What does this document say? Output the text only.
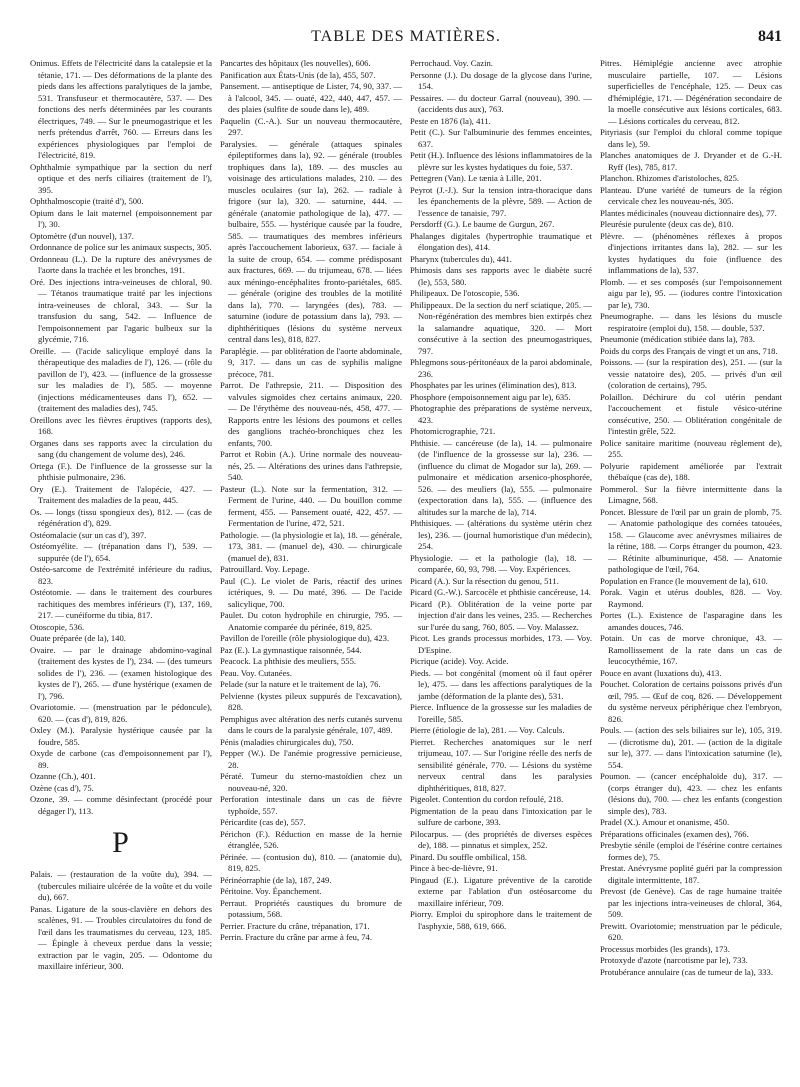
TABLE DES MATIÈRES.	841

Onimus. Effets de l'électricité dans la catalepsie et la tétanie, 171. — Des déformations de la plante des pieds dans les affections paralytiques de la jambe, 531. Transfuseur et thermocautère, 537. — Des fonctions des nerfs déterminées par les courants électriques, 749. — Sur le pneumogastrique et les nerfs prétendus d'arrêt, 760. — Erreurs dans les expériences physiologiques par l'emploi de l'électricité, 819.

Ophthalmie sympathique par la section du nerf optique et des nerfs ciliaires (traitement de l'), 395.

Ophthalmoscopie (traité d'), 500.

Opium dans le lait maternel (empoisonnement par l'), 30.

Optomètre (d'un nouvel), 137.

Ordonnance de police sur les animaux suspects, 305.

Ordonneau (L.). De la rupture des anévrysmes de l'aorte dans la trachée et les bronches, 191.

Oré. Des injections intra-veineuses de chloral, 90. — Tétanos traumatique traité par les injections intra-veineuses de chloral, 343. — Sur la transfusion du sang, 542. — Influence de l'empoisonnement par l'agaric bulbeux sur la glycémie, 716.

Oreille. — (l'acide salicylique employé dans la thérapeutique des maladies de l'), 126. — (rôle du pavillon de l'), 423. — (influence de la grossesse sur les maladies de l'), 585. — moyenne (injections médicamenteuses dans l'), 652. — (traitement des maladies des), 745.

Oreillons avec les fièvres éruptives (rapports des), 168.

Organes dans ses rapports avec la circulation du sang (du changement de volume des), 246.

Ortega (F.). De l'influence de la grossesse sur la phthisie pulmonaire, 236.

Ory (E.). Traitement de l'alopécie, 427. — Traitement des maladies de la peau, 445.

Os. — longs (tissu spongieux des), 812. — (cas de régénération d'), 829.

Ostéomalacie (sur un cas d'), 397.

Ostéomyélite. — (trépanation dans l'), 539. — suppurée (de l'), 654.

Ostéo-sarcome de l'extrémité inférieure du radius, 823.

Ostéotomie. — dans le traitement des courbures rachitiques des membres inférieurs (l'), 137, 169, 217. — cunéiforme du tibia, 817.

Otoscopie, 536.

Ouate préparée (de la), 140.

Ovaire. — par le drainage abdomino-vaginal (traitement des kystes de l'), 234. — (des tumeurs solides de l'), 236. — (examen histologique des kystes de l'), 265. — d'une hystérique (examen de l'), 796.

Ovariotomie. — (menstruation par le pédoncule), 620. — (cas d'), 819, 826.

Oxley (M.). Paralysie hystérique causée par la foudre, 585.

Oxyde de carbone (cas d'empoisonnement par l'), 89.

Ozanne (Ch.), 401.

Ozène (cas d'), 75.

Ozone, 39. — comme désinfectant (procédé pour dégager l'), 113.

P

Palais. — (restauration de la voûte du), 394. — (tubercules miliaire ulcérée de la voûte et du voile du), 667.

Panas. Ligature de la sous-clavière en dehors des scalènes, 91. — Troubles circulatoires du fond de l'œil dans les traumatismes du cerveau, 123, 185. — Épingle à cheveux perdue dans la vessie; extraction par le vagin, 205. — Odontome du maxillaire inférieur, 300.

Pancartes des hôpitaux (les nouvelles), 606.

Panification aux États-Unis (de la), 455, 507.

Pansement. — antiseptique de Lister, 74, 90, 337. — à l'alcool, 345. — ouaté, 422, 440, 447, 457. — des plaies (sulfite de soude dans le), 489.

Paquelin (C.-A.). Sur un nouveau thermocautère, 297.

Paralysies. — générale (attaques spinales épileptiformes dans la), 92. — générale (troubles trophiques dans la), 189. — des muscles au voisinage des articulations malades, 210. — des muscles oculaires (sur la), 262. — radiale à frigore (sur la), 320. — saturnine, 444. — générale (anatomie pathologique de la), 477. — bulbaire, 555. — hystérique causée par la foudre, 585. — traumatiques des membres inférieurs après l'accouchement laborieux, 637. — faciale à la suite de croup, 654. — comme prédisposant aux fractures, 669. — du trijumeau, 678. — liées aux méningo-encéphalites fronto-pariétales, 685. — générale (origine des troubles de la motilité dans la), 770. — laryngées (des), 783. — saturnine (iodure de potassium dans la), 793. — diphthéritiques (lésions du système nerveux central dans les), 818, 827.

Paraplégie. — par oblitération de l'aorte abdominale, 9, 317. — dans un cas de syphilis maligne précoce, 781.

Parrot. De l'athrepsie, 211. — Disposition des valvules sigmoïdes chez certains animaux, 220. — De l'érythème des nouveau-nés, 458, 477. — Rapports entre les lésions des poumons et celles des ganglions trachéo-bronchiques chez les enfants, 700.

Parrot et Robin (A.). Urine normale des nouveau-nés, 25. — Altérations des urines dans l'athrepsie, 540.

Pasteur (L.). Note sur la fermentation, 312. — Ferment de l'urine, 440. — Du bouillon comme ferment, 455. — Pansement ouaté, 422, 457. — Fermentation de l'urine, 472, 521.

Pathologie. — (la physiologie et la), 18. — générale, 173, 381. — (manuel de), 430. — chirurgicale (manuel de), 831.

Patrouillard. Voy. Lepage.

Paul (C.). Le violet de Paris, réactif des urines ictériques, 9. — Du maté, 396. — De l'acide salicylique, 700.

Paulet. Du coton hydrophile en chirurgie, 795. — Anatomie comparée du périnée, 819, 825.

Pavillon de l'oreille (rôle physiologique du), 423.

Paz (E.). La gymnastique raisonnée, 544.

Peacock. La phthisie des meuliers, 555.

Peau. Voy. Cutanées.

Pelade (sur la nature et le traitement de la), 76.

Pelvienne (kystes pileux suppurés de l'excavation), 828.

Pemphigus avec altération des nerfs cutanés survenu dans le cours de la paralysie générale, 107, 489.

Pénis (maladies chirurgicales du), 750.

Pepper (W.). De l'anémie progressive pernicieuse, 28.

Pératé. Tumeur du sterno-mastoïdien chez un nouveau-né, 320.

Perforation intestinale dans un cas de fièvre typhoïde, 557.

Péricardite (cas de), 557.

Périchon (F.). Réduction en masse de la hernie étranglée, 526.

Périnée. — (contusion du), 810. — (anatomie du), 819, 825.

Périnéorraphie (de la), 187, 249.

Péritoine. Voy. Épanchement.

Perraut. Propriétés caustiques du bromure de potassium, 568.

Perrier. Fracture du crâne, trépanation, 171.

Perrin. Fracture du crâne par arme à feu, 74.

Perrochaud. Voy. Cazin.

Personne (J.). Du dosage de la glycose dans l'urine, 154.

Pessaires. — du docteur Garral (nouveau), 390. — (accidents dus aux), 763.

Peste en 1876 (la), 411.

Petit (C.). Sur l'albuminurie des femmes enceintes, 637.

Petit (H.). Influence des lésions inflammatoires de la plèvre sur les kystes hydatiques du foie, 537.

Pettegren (Van). Le tænia à Lille, 201.

Peyrot (J.-J.). Sur la tension intra-thoracique dans les épanchements de la plèvre, 589. — Action de l'essence de tanaisie, 797.

Persdorff (G.). Le baume de Gurgun, 267.

Phalanges digitales (hypertrophie traumatique et élongation des), 414.

Pharynx (tubercules du), 441.

Phimosis dans ses rapports avec le diabète sucré (le), 553, 580.

Philipeaux. De l'otoscopie, 536.

Philippeaux. De la section du nerf sciatique, 205. — Non-régénération des membres bien extirpés chez la salamandre aquatique, 320. — Mort consécutive à la section des pneumogastriques, 797.

Phlegmons sous-péritonéaux de la paroi abdominale, 236.

Phosphates par les urines (élimination des), 813.

Phosphore (empoisonnement aigu par le), 635.

Photographie des préparations de système nerveux, 423.

Photomicrographie, 721.

Phthisie. — cancéreuse (de la), 14. — pulmonaire (de l'influence de la grossesse sur la), 236. — (influence du climat de Mogador sur la), 269. — pulmonaire et médication arsenico-phosphorée, 526. — des meuliers (la), 555. — pulmonaire (expectoration dans la), 555. — (influence des altitudes sur la marche de la), 714.

Phthisiques. — (altérations du système utérin chez les), 236. — (journal humoristique d'un médecin), 254.

Physiologie. — et la pathologie (la), 18. — comparée, 60, 93, 798. — Voy. Expériences.

Picard (A.). Sur la résection du genou, 511.

Picard (G.-W.). Sarcocèle et phthisie cancéreuse, 14.

Picard (P.). Oblitération de la veine porte par injection d'air dans les veines, 235. — Recherches sur l'urée du sang, 760, 805. — Voy. Malassez.

Picot. Les grands processus morbides, 173. — Voy. D'Espine.

Picrique (acide). Voy. Acide.

Pieds. — bot congénital (moment où il faut opérer le), 475. — dans les affections paralytiques de la jambe (déformation de la plante des), 531.

Pierce. Influence de la grossesse sur les maladies de l'oreille, 585.

Pierre (étiologie de la), 281. — Voy. Calculs.

Pierret. Recherches anatomiques sur le nerf trijumeau, 107. — Sur l'origine réelle des nerfs de sensibilité générale, 770. — Lésions du système nerveux central dans les paralysies diphthéritiques, 818, 827.

Pigeolet. Contention du cordon refoulé, 218.

Pigmentation de la peau dans l'intoxication par le sulfure de carbone, 393.

Pilocarpus. — (des propriétés de diverses espèces de), 188. — pinnatus et simplex, 252.

Pinard. Du souffle ombilical, 158.

Pince à bec-de-lièvre, 91.

Pingaud (E.). Ligature préventive de la carotide externe par l'ablation d'un ostéosarcome du maxillaire inférieur, 709.

Piorry. Emploi du spirophore dans le traitement de l'asphyxie, 588, 619, 666.

Pitres. Hémiplégie ancienne avec atrophie musculaire partielle, 107. — Lésions superficielles de l'encéphale, 125. — Deux cas d'hémiplégie, 171. — Dégénération secondaire de la moelle consécutive aux lésions corticales, 683. — Lésions corticales du cerveau, 812.

Pityriasis (sur l'emploi du chloral comme topique dans le), 59.

Planches anatomiques de J. Dryander et de G.-H. Ryff (les), 785, 817.

Planchon. Rhizomes d'aristoloches, 825.

Planteau. D'une variété de tumeurs de la région cervicale chez les nouveau-nés, 305.

Plantes médicinales (nouveau dictionnaire des), 77.

Pleurésie purulente (deux cas de), 810.

Plèvre. — (phénomènes réflexes à propos d'injections irritantes dans la), 282. — sur les kystes hydatiques du foie (influence des inflammations de la), 537.

Plomb. — et ses composés (sur l'empoisonnement aigu par le), 95. — (iodures contre l'intoxication par le), 730.

Pneumographe. — dans les lésions du muscle respiratoire (emploi du), 158. — double, 537.

Pneumonie (médication stibiée dans la), 783.

Poids du corps des Français de vingt et un ans, 718.

Poissons. — (sur la respiration des), 251. — (sur la vessie natatoire des), 205. — privés d'un œil (coloration de certains), 795.

Polaillon. Déchirure du col utérin pendant l'accouchement et fistule vésico-utérine consécutive, 250. — Oblitération congénitale de l'intestin grêle, 522.

Police sanitaire maritime (nouveau règlement de), 255.

Polyurie rapidement améliorée par l'extrait thébaïque (cas de), 188.

Pommerol. Sur la fièvre intermittente dans la Limagne, 568.

Poncet. Blessure de l'œil par un grain de plomb, 75. — Anatomie pathologique des cornées tatouées, 158. — Glaucome avec anévrysmes miliaires de la rétine, 188. — Corps étranger du poumon, 423. — Rétinite albuminurique, 458. — Anatomie pathologique de l'œil, 764.

Population en France (le mouvement de la), 610.

Porak. Vagin et utérus doubles, 828. — Voy. Raymond.

Portes (L.). Existence de l'asparagine dans les amandes douces, 746.

Potain. Un cas de morve chronique, 43. — Ramollissement de la rate dans un cas de leucocythémie, 167.

Pouce en avant (luxations du), 413.

Pouchet. Coloration de certains poissons privés d'un œil, 795. — Œuf de coq, 826. — Développement du système nerveux périphérique chez l'embryon, 826.

Pouls. — (action des sels biliaires sur le), 105, 319. — (dicrotisme du), 201. — (action de la digitale sur le), 377. — dans l'intoxication saturnine (le), 554.

Poumon. — (cancer encéphaloïde du), 317. — (corps étranger du), 423. — chez les enfants (lésions du), 700. — chez les enfants (congestion simple des), 783.

Pradel (X.). Amour et onanisme, 450.

Préparations officinales (examen des), 766.

Presbytie sénile (emploi de l'ésérine contre certaines formes de), 75.

Prestat. Anévrysme poplité guéri par la compression digitale intermittente, 187.

Prevost (de Genève). Cas de rage humaine traitée par les injections intra-veineuses de chloral, 364, 509.

Prewitt. Ovariotomie; menstruation par le pédicule, 620.

Processus morbides (les grands), 173.

Protoxyde d'azote (narcotisme par le), 733.

Protubérance annulaire (cas de tumeur de la), 333.
